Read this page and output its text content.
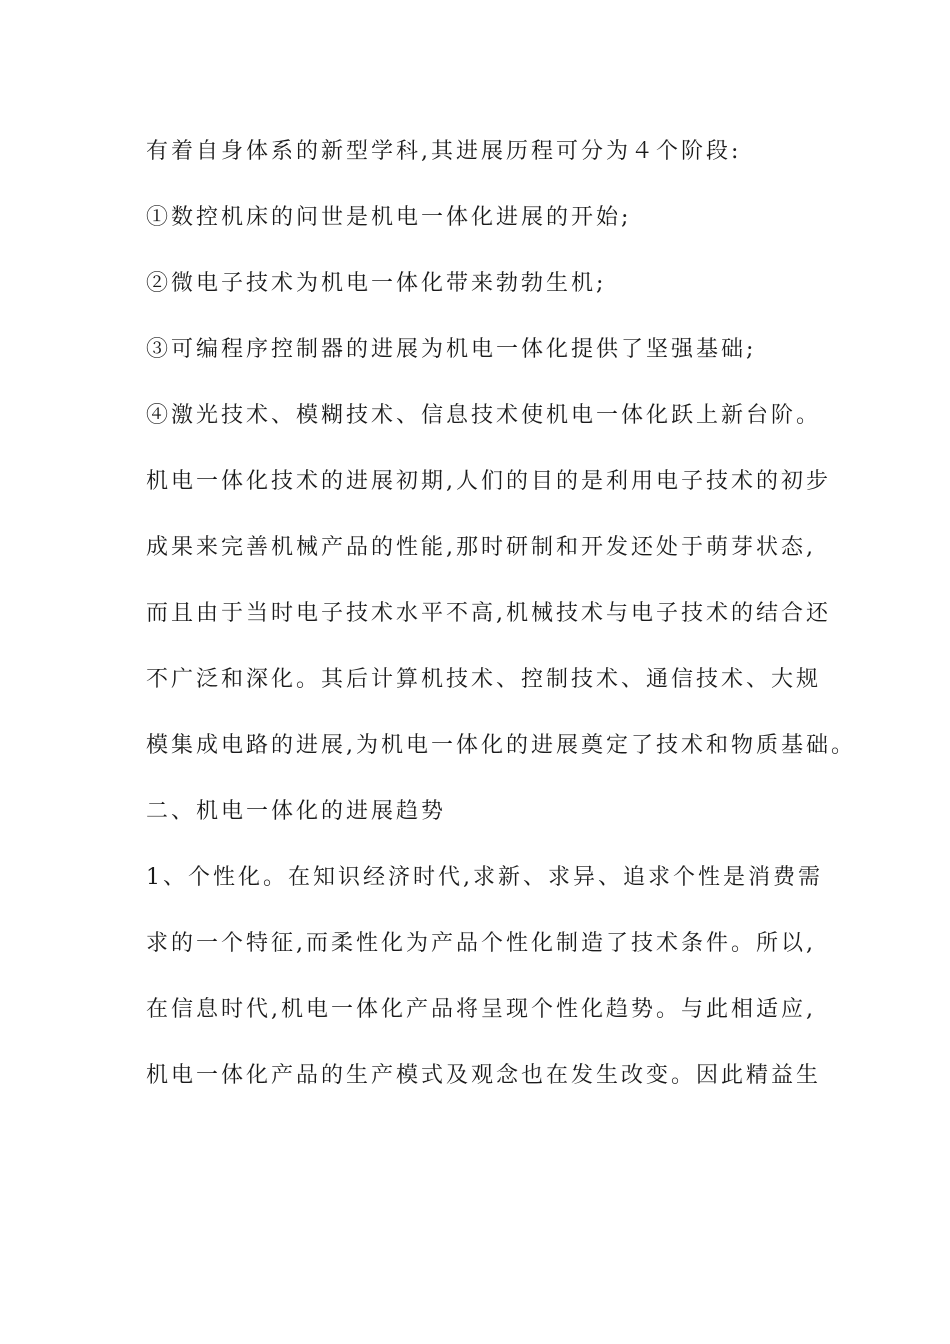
有着自身体系的新型学科,其进展历程可分为４个阶段:
①数控机床的问世是机电一体化进展的开始;
②微电子技术为机电一体化带来勃勃生机;
③可编程序控制器的进展为机电一体化提供了坚强基础;
④激光技术、模糊技术、信息技术使机电一体化跃上新台阶。
机电一体化技术的进展初期,人们的目的是利用电子技术的初步
成果来完善机械产品的性能,那时研制和开发还处于萌芽状态,
而且由于当时电子技术水平不高,机械技术与电子技术的结合还
不广泛和深化。其后计算机技术、控制技术、通信技术、大规
模集成电路的进展,为机电一体化的进展奠定了技术和物质基础。
二、机电一体化的进展趋势
1、个性化。在知识经济时代,求新、求异、追求个性是消费需
求的一个特征,而柔性化为产品个性化制造了技术条件。所以,
在信息时代,机电一体化产品将呈现个性化趋势。与此相适应,
机电一体化产品的生产模式及观念也在发生改变。因此精益生
